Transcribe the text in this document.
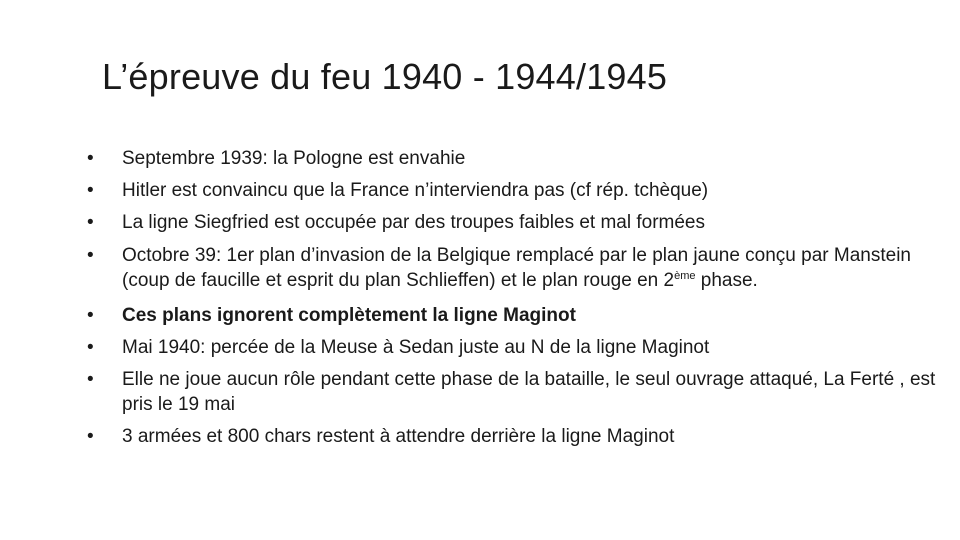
L’épreuve du feu 1940 - 1944/1945
• Septembre 1939: la Pologne est envahie
• Hitler est convaincu que la France n’interviendra pas (cf rép. tchèque)
• La ligne Siegfried est occupée par des troupes faibles et mal formées
• Octobre 39: 1er plan d’invasion de la Belgique remplacé par le plan jaune conçu par Manstein (coup de faucille et esprit du plan Schlieffen) et le plan rouge en 2ème phase.
• Ces plans ignorent complètement la ligne Maginot
• Mai 1940: percée de la Meuse à Sedan juste au N de la ligne Maginot
• Elle ne joue aucun rôle pendant cette phase de la bataille, le seul ouvrage attaqué, La Ferté , est pris le 19 mai
• 3 armées et 800 chars restent à attendre derrière la ligne Maginot
